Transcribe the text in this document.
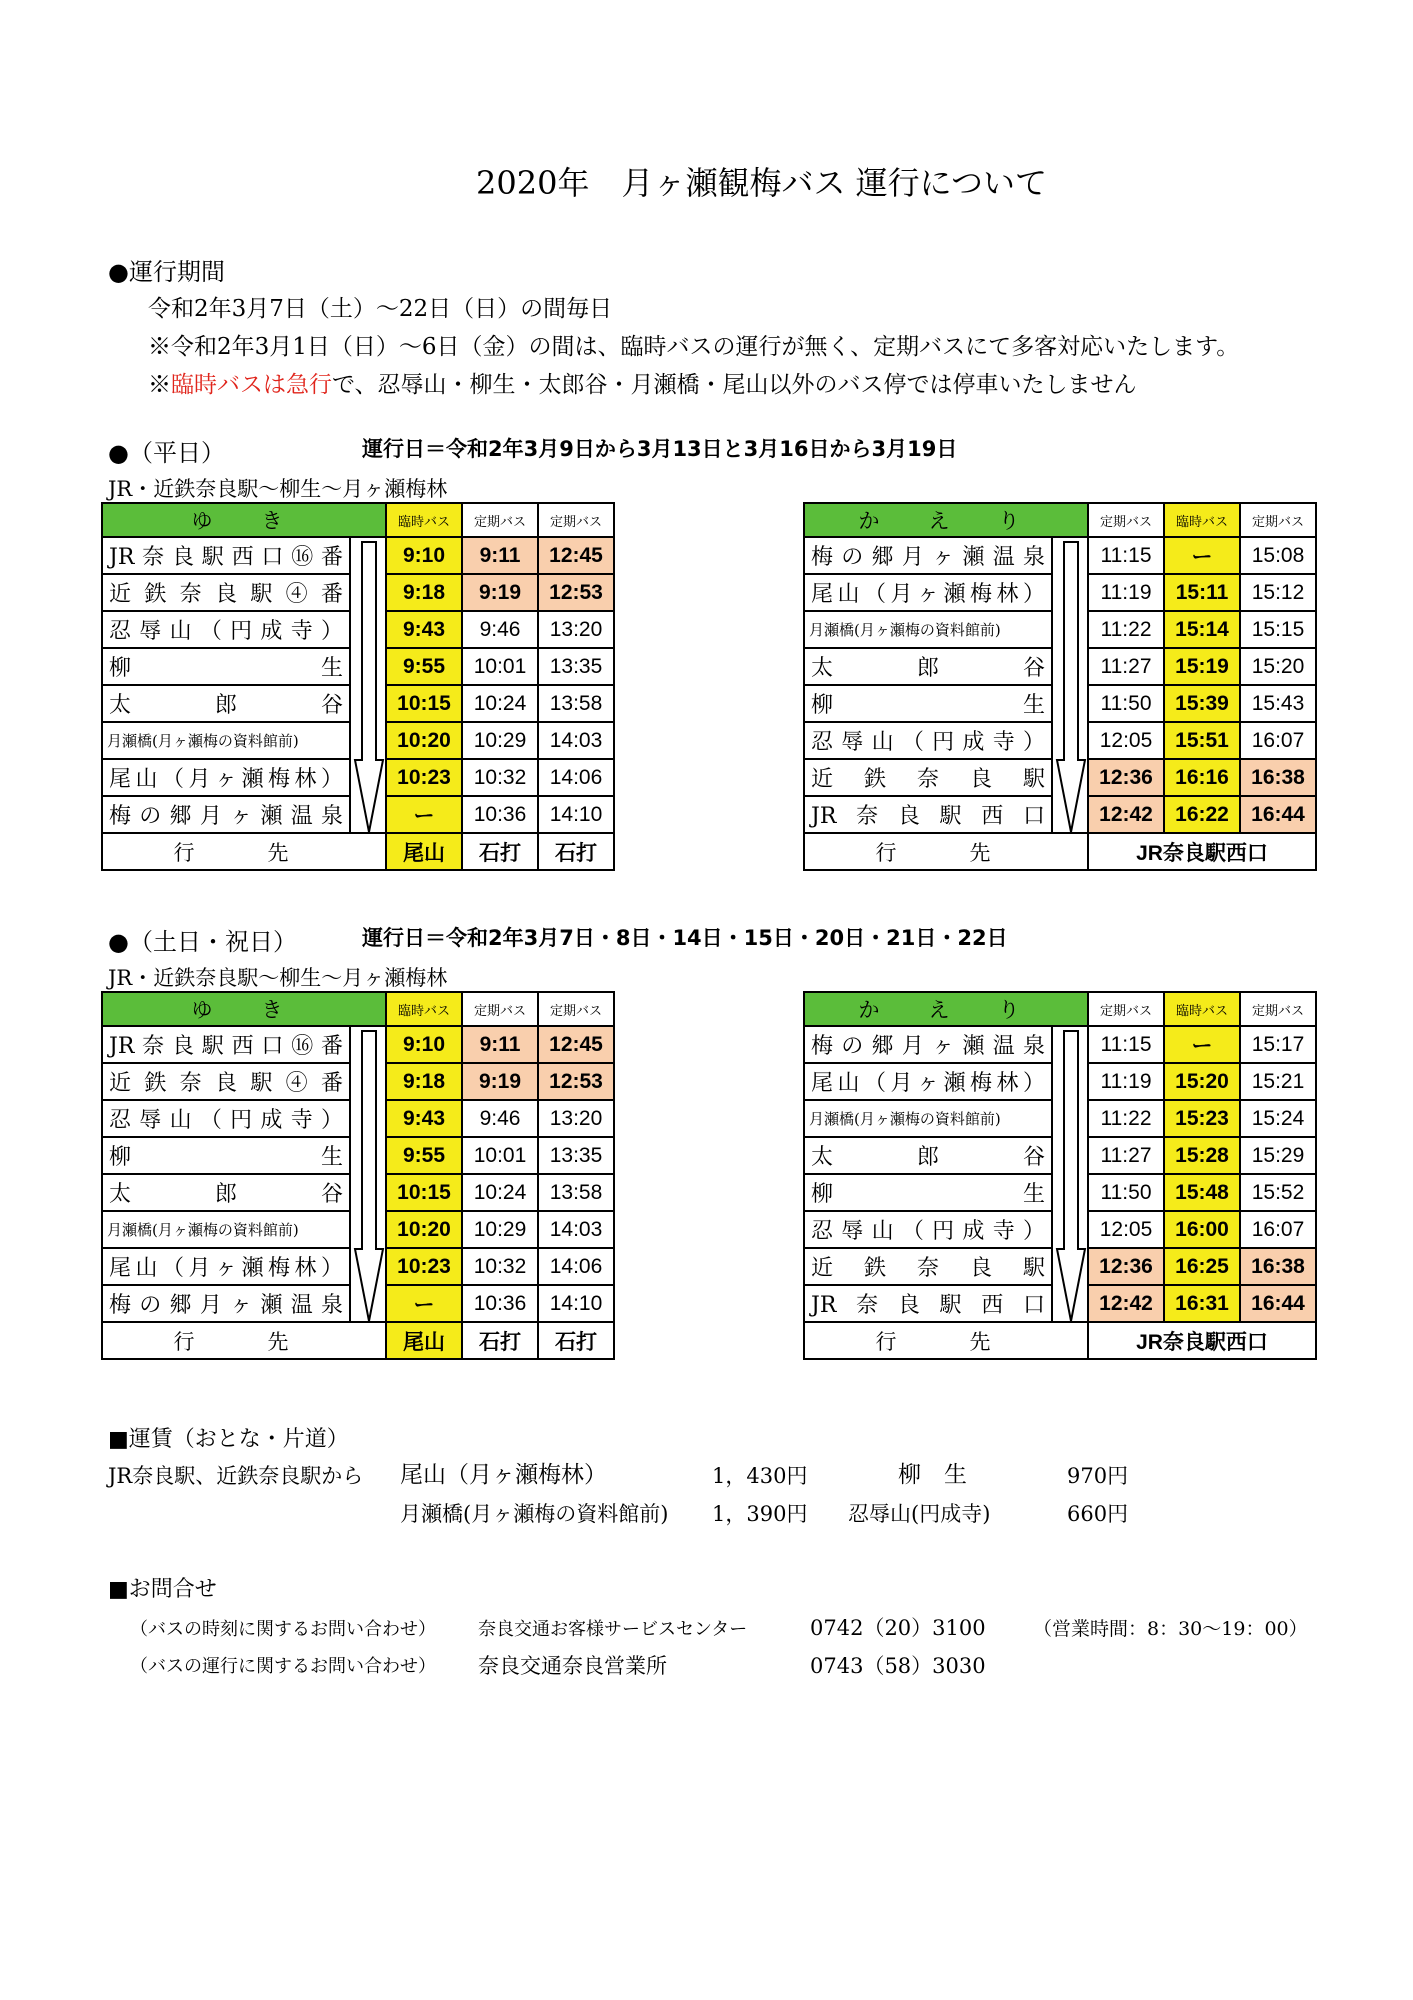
2020年　月ヶ瀬観梅バス 運行について
●運行期間
令和2年3月7日（土）～22日（日）の間毎日
※令和2年3月1日（日）～6日（金）の間は、臨時バスの運行が無く、定期バスにて多客対応いたします。
※臨時バスは急行で、忍辱山・柳生・太郎谷・月瀬橋・尾山以外のバス停では停車いたしません
●（平日）	運行日＝令和2年3月9日から3月13日と3月16日から3月19日
JR・近鉄奈良駅～柳生～月ヶ瀬梅林
●（土日・祝日）	運行日＝令和2年3月7日・8日・14日・15日・20日・21日・22日
JR・近鉄奈良駅～柳生～月ヶ瀬梅林
ゆ　き		臨時バス	定期バス	定期バス
JR奈良駅西口⑯番		9:10	9:11	12:45
近鉄奈良駅④番		9:18	9:19	12:53
忍辱山（円成寺）		9:43	9:46	13:20
柳生		9:55	10:01	13:35
太郎谷		10:15	10:24	13:58
月瀬橋(月ヶ瀬梅の資料館前)		10:20	10:29	14:03
尾山（月ヶ瀬梅林）		10:23	10:32	14:06
梅の郷月ヶ瀬温泉		ー	10:36	14:10
行　先		尾山	石打	石打
か　え　り		定期バス	臨時バス	定期バス
梅の郷月ヶ瀬温泉		11:15	ー	15:08
尾山（月ヶ瀬梅林）		11:19	15:11	15:12
月瀬橋(月ヶ瀬梅の資料館前)		11:22	15:14	15:15
太郎谷		11:27	15:19	15:20
柳生		11:50	15:39	15:43
忍辱山（円成寺）		12:05	15:51	16:07
近鉄奈良駅		12:36	16:16	16:38
JR奈良駅西口		12:42	16:22	16:44
行　先		JR奈良駅西口		
ゆ　き		臨時バス	定期バス	定期バス
JR奈良駅西口⑯番		9:10	9:11	12:45
近鉄奈良駅④番		9:18	9:19	12:53
忍辱山（円成寺）		9:43	9:46	13:20
柳生		9:55	10:01	13:35
太郎谷		10:15	10:24	13:58
月瀬橋(月ヶ瀬梅の資料館前)		10:20	10:29	14:03
尾山（月ヶ瀬梅林）		10:23	10:32	14:06
梅の郷月ヶ瀬温泉		ー	10:36	14:10
行　先		尾山	石打	石打
か　え　り		定期バス	臨時バス	定期バス
梅の郷月ヶ瀬温泉		11:15	ー	15:17
尾山（月ヶ瀬梅林）		11:19	15:20	15:21
月瀬橋(月ヶ瀬梅の資料館前)		11:22	15:23	15:24
太郎谷		11:27	15:28	15:29
柳生		11:50	15:48	15:52
忍辱山（円成寺）		12:05	16:00	16:07
近鉄奈良駅		12:36	16:25	16:38
JR奈良駅西口		12:42	16:31	16:44
行　先		JR奈良駅西口		
■運賃（おとな・片道）
JR奈良駅、近鉄奈良駅から 尾山（月ヶ瀬梅林）	1，430円	柳　生	970円
月瀬橋(月ヶ瀬梅の資料館前) 1，390円 忍辱山(円成寺)	660円
■お問合せ
（バスの時刻に関するお問い合わせ） 奈良交通お客様サービスセンター	0742（20）3100 （営業時間：8：30～19：00）
（バスの運行に関するお問い合わせ） 奈良交通奈良営業所	0743（58）3030
